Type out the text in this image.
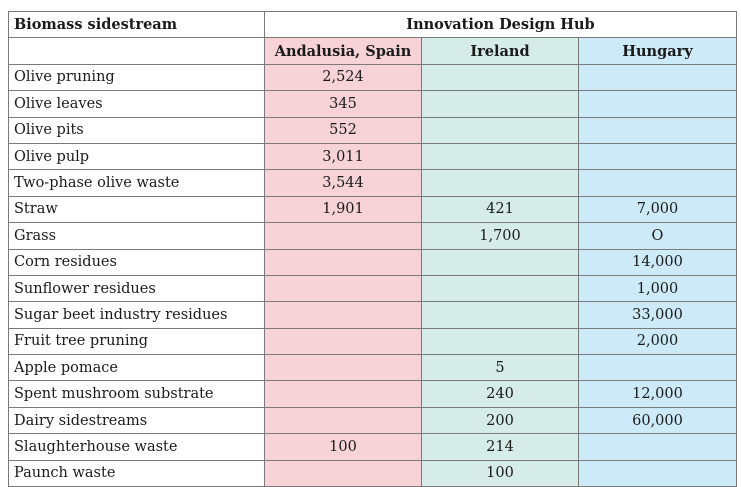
Biomass sidestream	Innovation Design Hub		
	Andalusia, Spain	Ireland	Hungary
Olive pruning	2,524		
Olive leaves	345		
Olive pits	552		
Olive pulp	3,011		
Two-phase olive waste	3,544		
Straw	1,901	421	7,000
Grass		1,700	O
Corn residues			14,000
Sunflower residues			1,000
Sugar beet industry residues			33,000
Fruit tree pruning			2,000
Apple pomace		5	
Spent mushroom substrate		240	12,000
Dairy sidestreams		200	60,000
Slaughterhouse waste	100	214	
Paunch waste		100	
